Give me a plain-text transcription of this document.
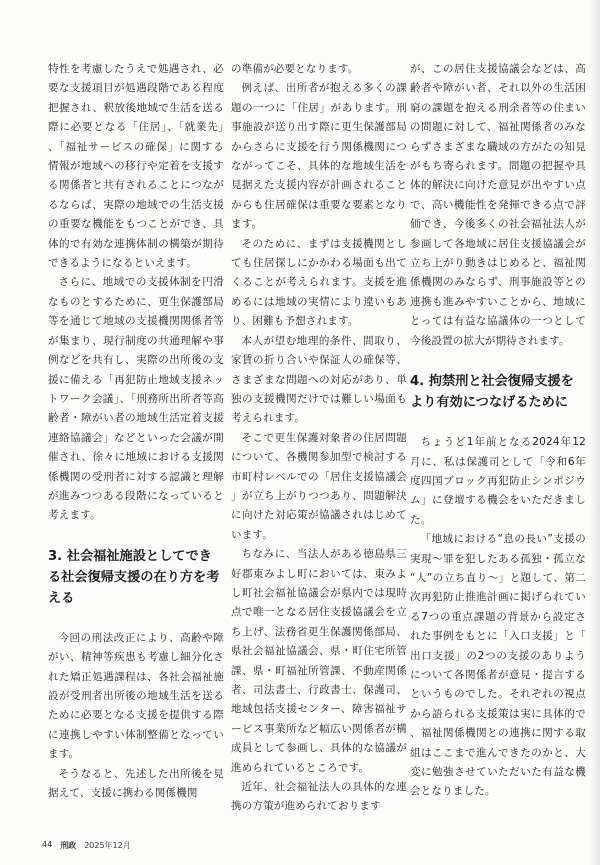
特性を考慮したうえで処遇され、必要な支援項目が処遇段階である程度把握され、釈放後地域で生活を送る際に必要となる「住居」、「就業先」、「福祉サービスの確保」に関する情報が地域への移行や定着を支援する関係者と共有されることにつながるならば、実際の地域での生活支援の重要な機能をもつことができ、具体的で有効な連携体制の構築が期待できるようになるといえます。

さらに、地域での支援体制を円滑なものとするために、更生保護部局等を通じて地域の支援機関関係者等が集まり、現行制度の共通理解や事例などを共有し、実際の出所後の支援に備える「再犯防止地域支援ネットワーク会議」、「刑務所出所者等高齢者・障がい者の地域生活定着支援連絡協議会」などといった会議が開催され、徐々に地域における支援関係機関の受刑者に対する認識と理解が進みつつある段階になっていると考えます。

3. 社会福祉施設としてできる社会復帰支援の在り方を考える

今回の刑法改正により、高齢や障がい、精神等疾患も考慮し細分化された矯正処遇課程は、各社会福祉施設が受刑者出所後の地域生活を送るために必要となる支援を提供する際に連携しやすい体制整備となっています。

そうなると、先述した出所後を見据えて、支援に携わる関係機関

の準備が必要となります。

例えば、出所者が抱える多くの課題の一つに「住居」があります。刑事施設が送り出す際に更生保護部局からさらに支援を行う関係機関につながってこそ、具体的な地域生活を見据えた支援内容が計画されることからも住居確保は重要な要素となります。

そのために、まずは支援機関としても住居探しにかかわる場面も出てくることが考えられます。支援を進めるには地域の実情により違いもあり、困難も予想されます。

本人が望む地理的条件、間取り、家賃の折り合いや保証人の確保等、さまざまな問題への対応があり、単独の支援機関だけでは難しい場面も考えられます。

そこで更生保護対象者の住居問題について、各機関参加型で検討する市町村レベルでの「居住支援協議会」が立ち上がりつつあり、問題解決に向けた対応策が協議されはじめています。

ちなみに、当法人がある徳島県三好郡東みよし町においては、東みよし町社会福祉協議会が県内では現時点で唯一となる居住支援協議会を立ち上げ、法務省更生保護関係部局、県社会福祉協議会、県・町住宅所管課、県・町福祉所管課、不動産関係者、司法書士、行政書士、保護司、地域包括支援センター、障害福祉サービス事業所など幅広い関係者が構成員として参画し、具体的な協議が進められているところです。

近年、社会福祉法人の具体的な連携の方策が進められております

が、この居住支援協議会などは、高齢者や障がい者、それ以外の生活困窮の課題を抱える刑余者等の住まいの問題に対して、福祉関係者のみならずさまざまな職域の方がたの知見がもち寄られます。問題の把握や具体的解決に向けた意見が出やすい点で、高い機能性を発揮できる点で評価でき、今後多くの社会福祉法人が参画して各地域に居住支援協議会が立ち上がり動きはじめると、福祉関係機関のみならず、刑事施設等との連携も進みやすいことから、地域にとっては有益な協議体の一つとして今後設置の拡大が期待されます。

4. 拘禁刑と社会復帰支援をより有効につなげるために

ちょうど1年前となる2024年12月に、私は保護司として「令和6年度四国ブロック再犯防止シンポジウム」に登壇する機会をいただきました。

「地域における“息の長い”支援の実現〜罪を犯したある孤独・孤立な“人”の立ち直り〜」と題して、第二次再犯防止推進計画に掲げられている7つの重点課題の背景から設定された事例をもとに「入口支援」と「出口支援」の2つの支援のありようについて各関係者が意見・提言するというものでした。それぞれの視点から語られる支援策は実に具体的で、福祉関係機関との連携に関する取組はここまで進んできたのかと、大変に勉強させていただいた有益な機会となりました。

44 刑政 2025年12月
